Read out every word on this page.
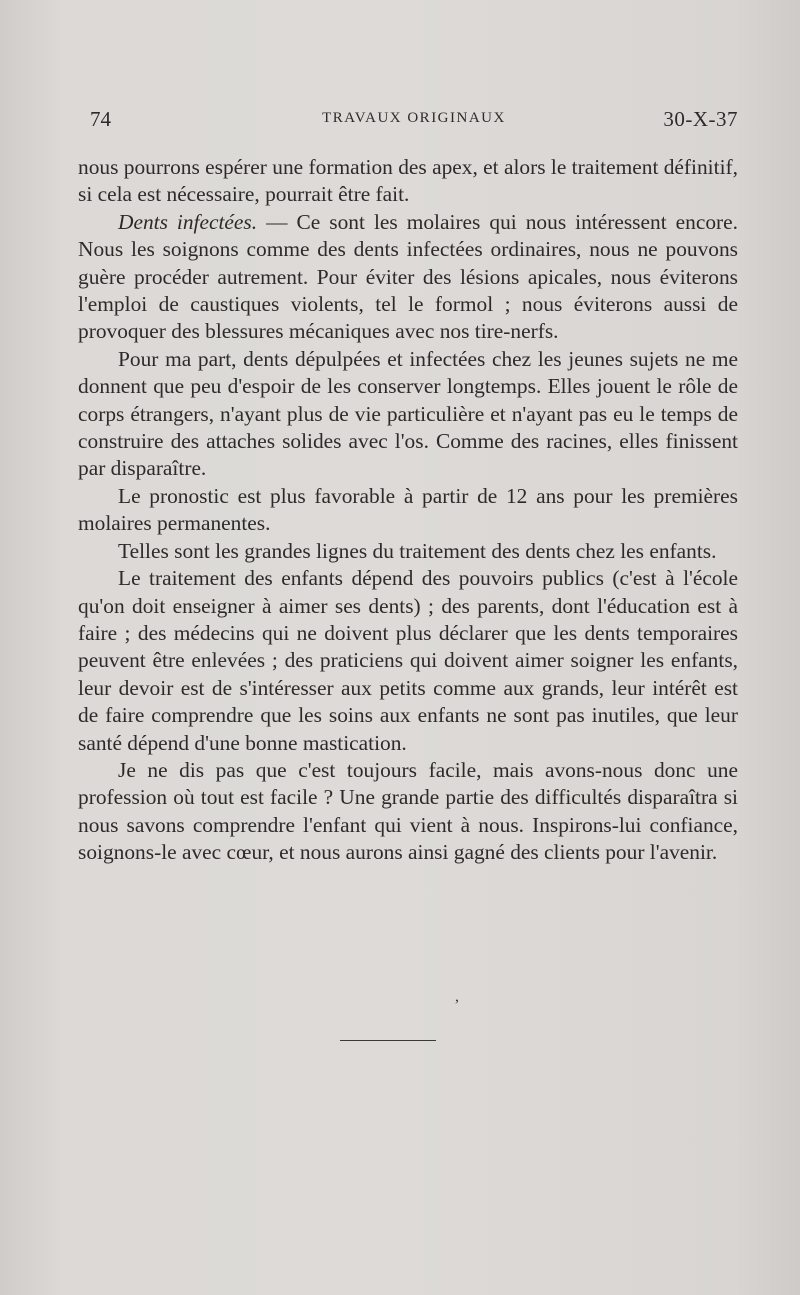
74	TRAVAUX ORIGINAUX	30-X-37

nous pourrons espérer une formation des apex, et alors le traitement définitif, si cela est nécessaire, pourrait être fait.

Dents infectées. — Ce sont les molaires qui nous intéressent encore. Nous les soignons comme des dents infectées ordinaires, nous ne pouvons guère procéder autrement. Pour éviter des lésions apicales, nous éviterons l'emploi de caustiques violents, tel le formol ; nous éviterons aussi de provoquer des blessures mécaniques avec nos tire-nerfs.

Pour ma part, dents dépulpées et infectées chez les jeunes sujets ne me donnent que peu d'espoir de les conserver longtemps. Elles jouent le rôle de corps étrangers, n'ayant plus de vie particulière et n'ayant pas eu le temps de construire des attaches solides avec l'os. Comme des racines, elles finissent par disparaître.

Le pronostic est plus favorable à partir de 12 ans pour les premières molaires permanentes.

Telles sont les grandes lignes du traitement des dents chez les enfants.

Le traitement des enfants dépend des pouvoirs publics (c'est à l'école qu'on doit enseigner à aimer ses dents) ; des parents, dont l'éducation est à faire ; des médecins qui ne doivent plus déclarer que les dents temporaires peuvent être enlevées ; des praticiens qui doivent aimer soigner les enfants, leur devoir est de s'intéresser aux petits comme aux grands, leur intérêt est de faire comprendre que les soins aux enfants ne sont pas inutiles, que leur santé dépend d'une bonne mastication.

Je ne dis pas que c'est toujours facile, mais avons-nous donc une profession où tout est facile ? Une grande partie des difficultés disparaîtra si nous savons comprendre l'enfant qui vient à nous. Inspirons-lui confiance, soignons-le avec cœur, et nous aurons ainsi gagné des clients pour l'avenir.

,
